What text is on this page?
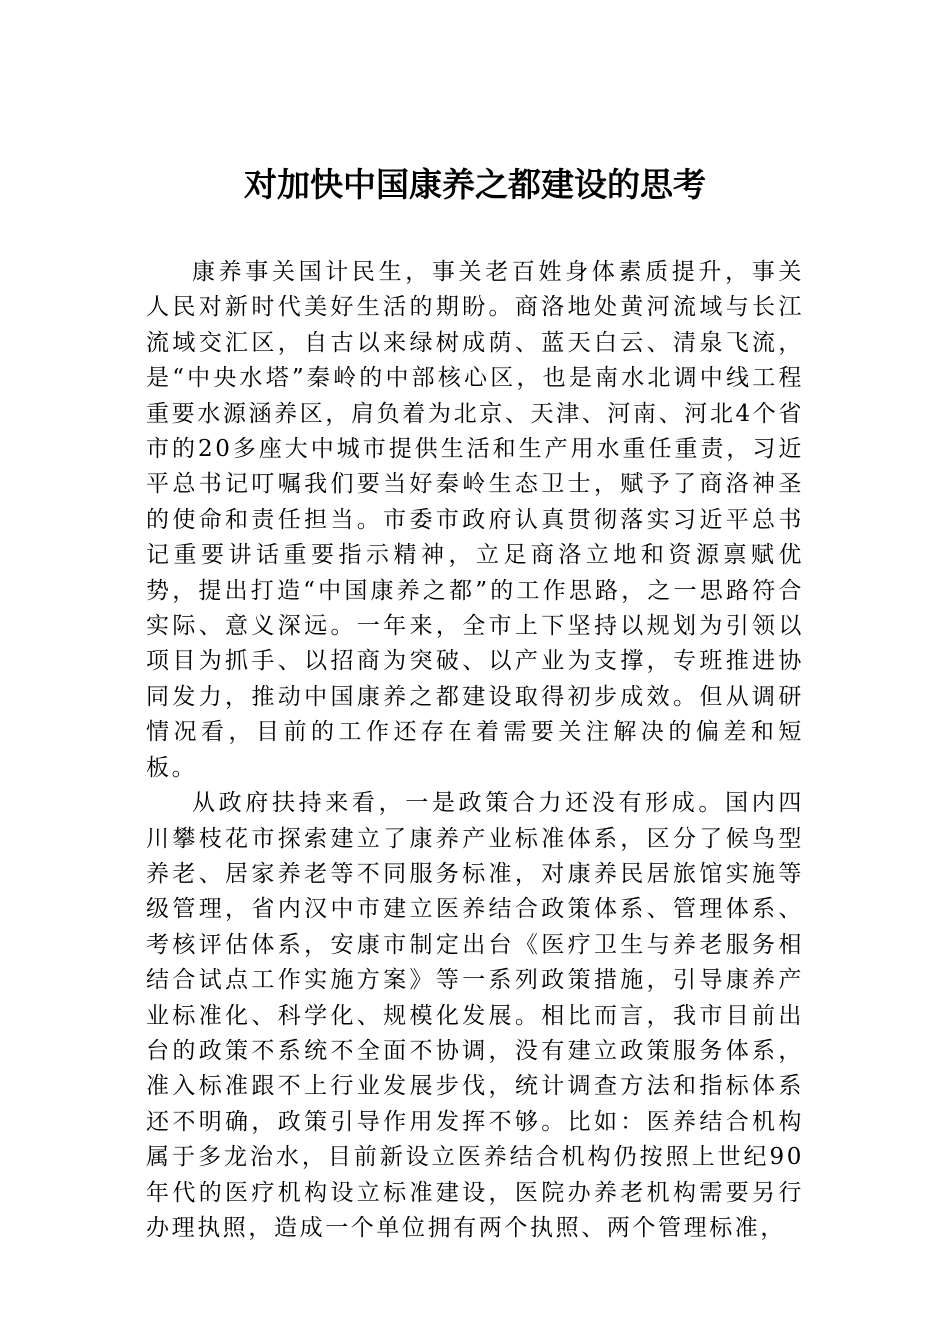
对加快中国康养之都建设的思考

康养事关国计民生，事关老百姓身体素质提升，事关人民对新时代美好生活的期盼。商洛地处黄河流域与长江流域交汇区，自古以来绿树成荫、蓝天白云、清泉飞流，是“中央水塔”秦岭的中部核心区，也是南水北调中线工程重要水源涵养区，肩负着为北京、天津、河南、河北4个省市的20多座大中城市提供生活和生产用水重任重责，习近平总书记叮嘱我们要当好秦岭生态卫士，赋予了商洛神圣的使命和责任担当。市委市政府认真贯彻落实习近平总书记重要讲话重要指示精神，立足商洛立地和资源禀赋优势，提出打造“中国康养之都”的工作思路，之一思路符合实际、意义深远。一年来，全市上下坚持以规划为引领以项目为抓手、以招商为突破、以产业为支撑，专班推进协同发力，推动中国康养之都建设取得初步成效。但从调研情况看，目前的工作还存在着需要关注解决的偏差和短板。

从政府扶持来看，一是政策合力还没有形成。国内四川攀枝花市探索建立了康养产业标准体系，区分了候鸟型养老、居家养老等不同服务标准，对康养民居旅馆实施等级管理，省内汉中市建立医养结合政策体系、管理体系、考核评估体系，安康市制定出台《医疗卫生与养老服务相结合试点工作实施方案》等一系列政策措施，引导康养产业标准化、科学化、规模化发展。相比而言，我市目前出台的政策不系统不全面不协调，没有建立政策服务体系，准入标准跟不上行业发展步伐，统计调查方法和指标体系还不明确，政策引导作用发挥不够。比如：医养结合机构属于多龙治水，目前新设立医养结合机构仍按照上世纪90年代的医疗机构设立标准建设，医院办养老机构需要另行办理执照，造成一个单位拥有两个执照、两个管理标准，
